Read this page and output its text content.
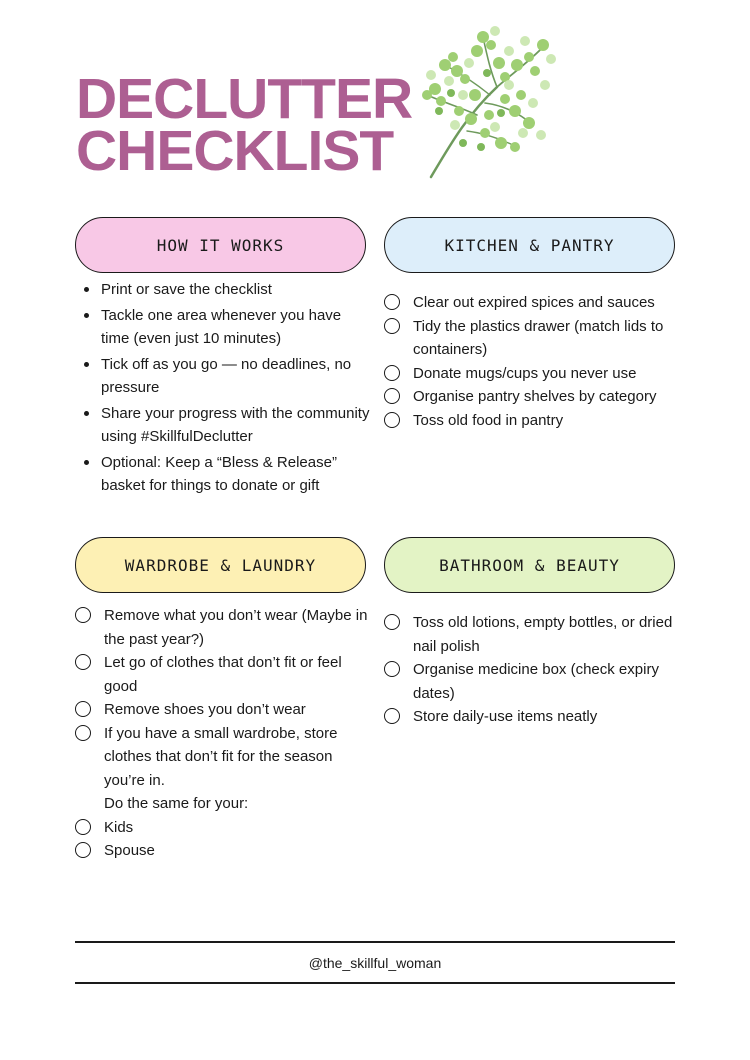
DECLUTTER
CHECKLIST
HOW IT WORKS
Print or save the checklist
Tackle one area whenever you have time (even just 10 minutes)
Tick off as you go — no deadlines, no pressure
Share your progress with the community using #SkillfulDeclutter
Optional: Keep a “Bless & Release” basket for things to donate or gift
KITCHEN & PANTRY
Clear out expired spices and sauces
Tidy the plastics drawer (match lids to containers)
Donate mugs/cups you never use
Organise pantry shelves by category
Toss old food in pantry
WARDROBE & LAUNDRY
Remove what you don’t wear (Maybe in the past year?)
Let go of clothes that don’t fit or feel good
Remove shoes you don’t wear
If you have a small wardrobe, store clothes that don’t fit for the season you’re in.
Do the same for your:
Kids
Spouse
BATHROOM & BEAUTY
Toss old lotions, empty bottles, or dried nail polish
Organise medicine box (check expiry dates)
Store daily-use items neatly
@the_skillful_woman
